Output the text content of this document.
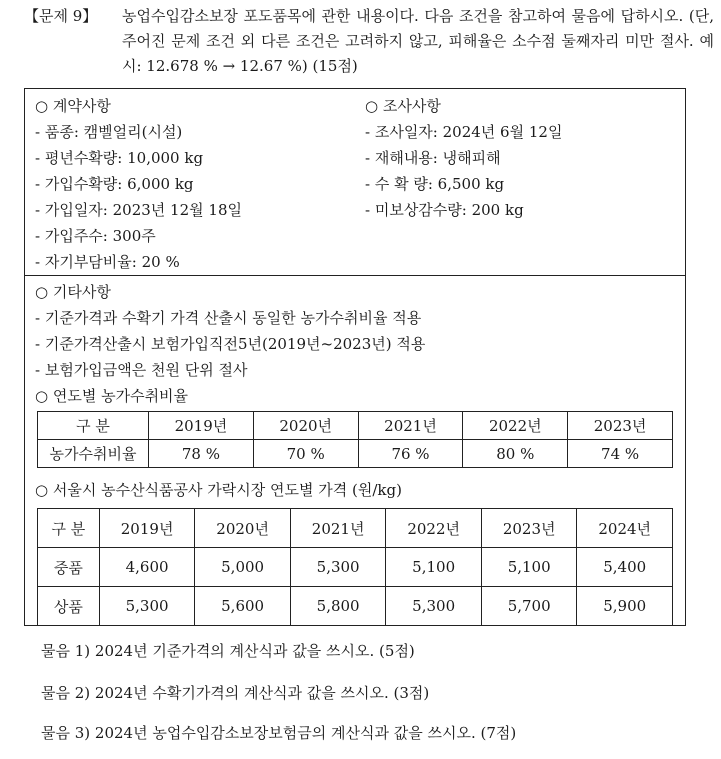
【문제 9】 농업수입감소보장 포도품목에 관한 내용이다. 다음 조건을 참고하여 물음에 답하시오. (단, 주어진 문제 조건 외 다른 조건은 고려하지 않고, 피해율은 소수점 둘째자리 미만 절사. 예시: 12.678 % → 12.67 %) (15점)
○ 계약사항
- 품종: 캠벨얼리(시설)
- 평년수확량: 10,000 kg
- 가입수확량: 6,000 kg
- 가입일자: 2023년 12월 18일
- 가입주수: 300주
- 자기부담비율: 20 %
○ 조사사항
- 조사일자: 2024년 6월 12일
- 재해내용: 냉해피해
- 수 확 량: 6,500 kg
- 미보상감수량: 200 kg
○ 기타사항
- 기준가격과 수확기 가격 산출시 동일한 농가수취비율 적용
- 기준가격산출시 보험가입직전5년(2019년~2023년) 적용
- 보험가입금액은 천원 단위 절사
○ 연도별 농가수취비율
구 분	2019년	2020년	2021년	2022년	2023년
농가수취비율	78 %	70 %	76 %	80 %	74 %
○ 서울시 농수산식품공사 가락시장 연도별 가격 (원/kg)
구 분	2019년	2020년	2021년	2022년	2023년	2024년
중품	4,600	5,000	5,300	5,100	5,100	5,400
상품	5,300	5,600	5,800	5,300	5,700	5,900
물음 1) 2024년 기준가격의 계산식과 값을 쓰시오. (5점)
물음 2) 2024년 수확기가격의 계산식과 값을 쓰시오. (3점)
물음 3) 2024년 농업수입감소보장보험금의 계산식과 값을 쓰시오. (7점)
